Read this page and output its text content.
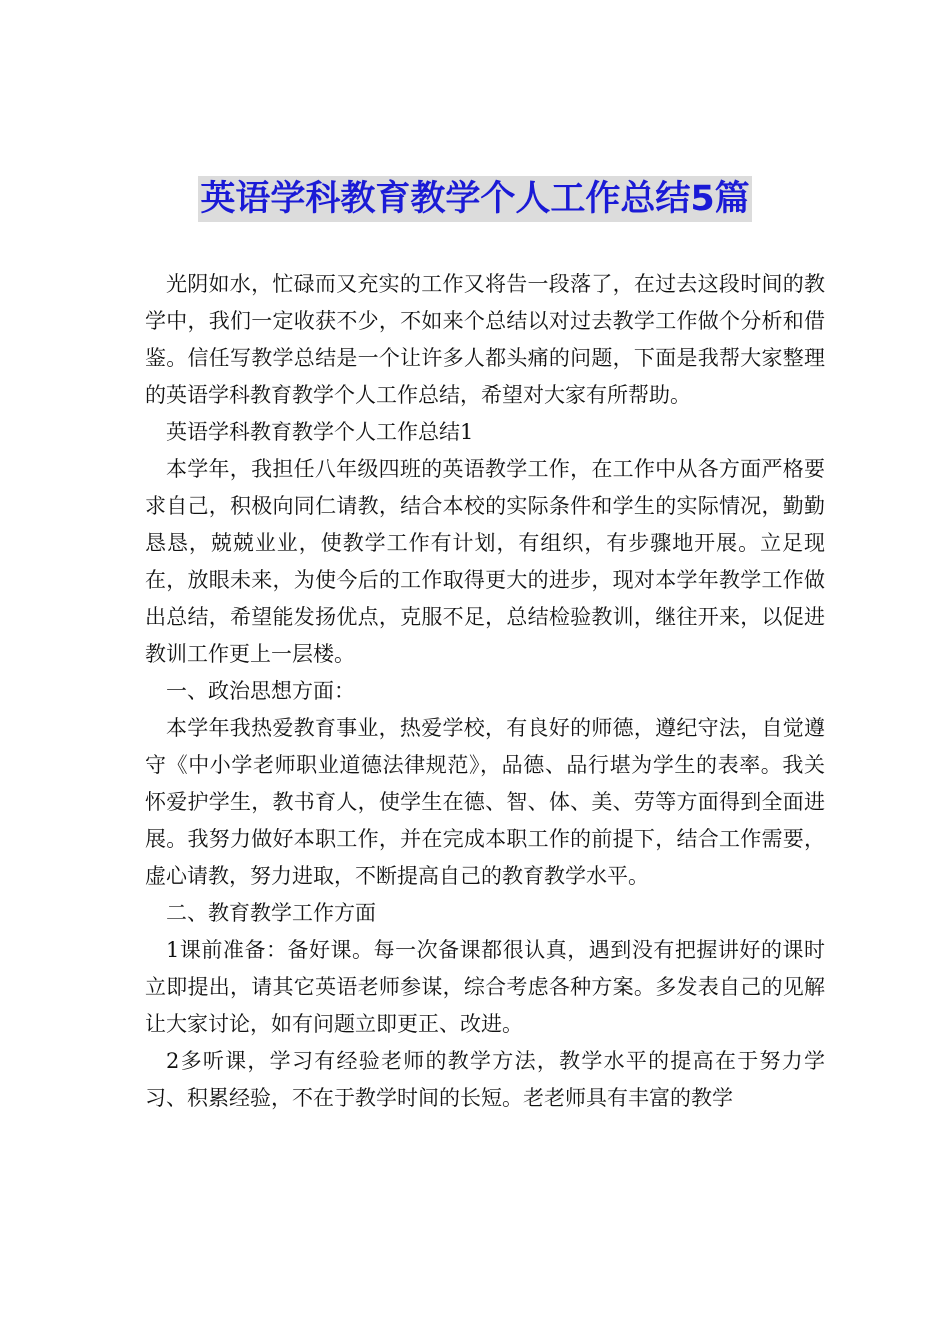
英语学科教育教学个人工作总结5篇

光阴如水，忙碌而又充实的工作又将告一段落了，在过去这段时间的教学中，我们一定收获不少，不如来个总结以对过去教学工作做个分析和借鉴。信任写教学总结是一个让许多人都头痛的问题，下面是我帮大家整理的英语学科教育教学个人工作总结，希望对大家有所帮助。

英语学科教育教学个人工作总结1

本学年，我担任八年级四班的英语教学工作，在工作中从各方面严格要求自己，积极向同仁请教，结合本校的实际条件和学生的实际情况，勤勤恳恳，兢兢业业，使教学工作有计划，有组织，有步骤地开展。立足现在，放眼未来，为使今后的工作取得更大的进步，现对本学年教学工作做出总结，希望能发扬优点，克服不足，总结检验教训，继往开来，以促进教训工作更上一层楼。

一、政治思想方面：

本学年我热爱教育事业，热爱学校，有良好的师德，遵纪守法，自觉遵守《中小学老师职业道德法律规范》，品德、品行堪为学生的表率。我关怀爱护学生，教书育人，使学生在德、智、体、美、劳等方面得到全面进展。我努力做好本职工作，并在完成本职工作的前提下，结合工作需要，虚心请教，努力进取，不断提高自己的教育教学水平。

二、教育教学工作方面

1课前准备：备好课。每一次备课都很认真，遇到没有把握讲好的课时立即提出，请其它英语老师参谋，综合考虑各种方案。多发表自己的见解让大家讨论，如有问题立即更正、改进。

2多听课，学习有经验老师的教学方法，教学水平的提高在于努力学习、积累经验，不在于教学时间的长短。老老师具有丰富的教学
